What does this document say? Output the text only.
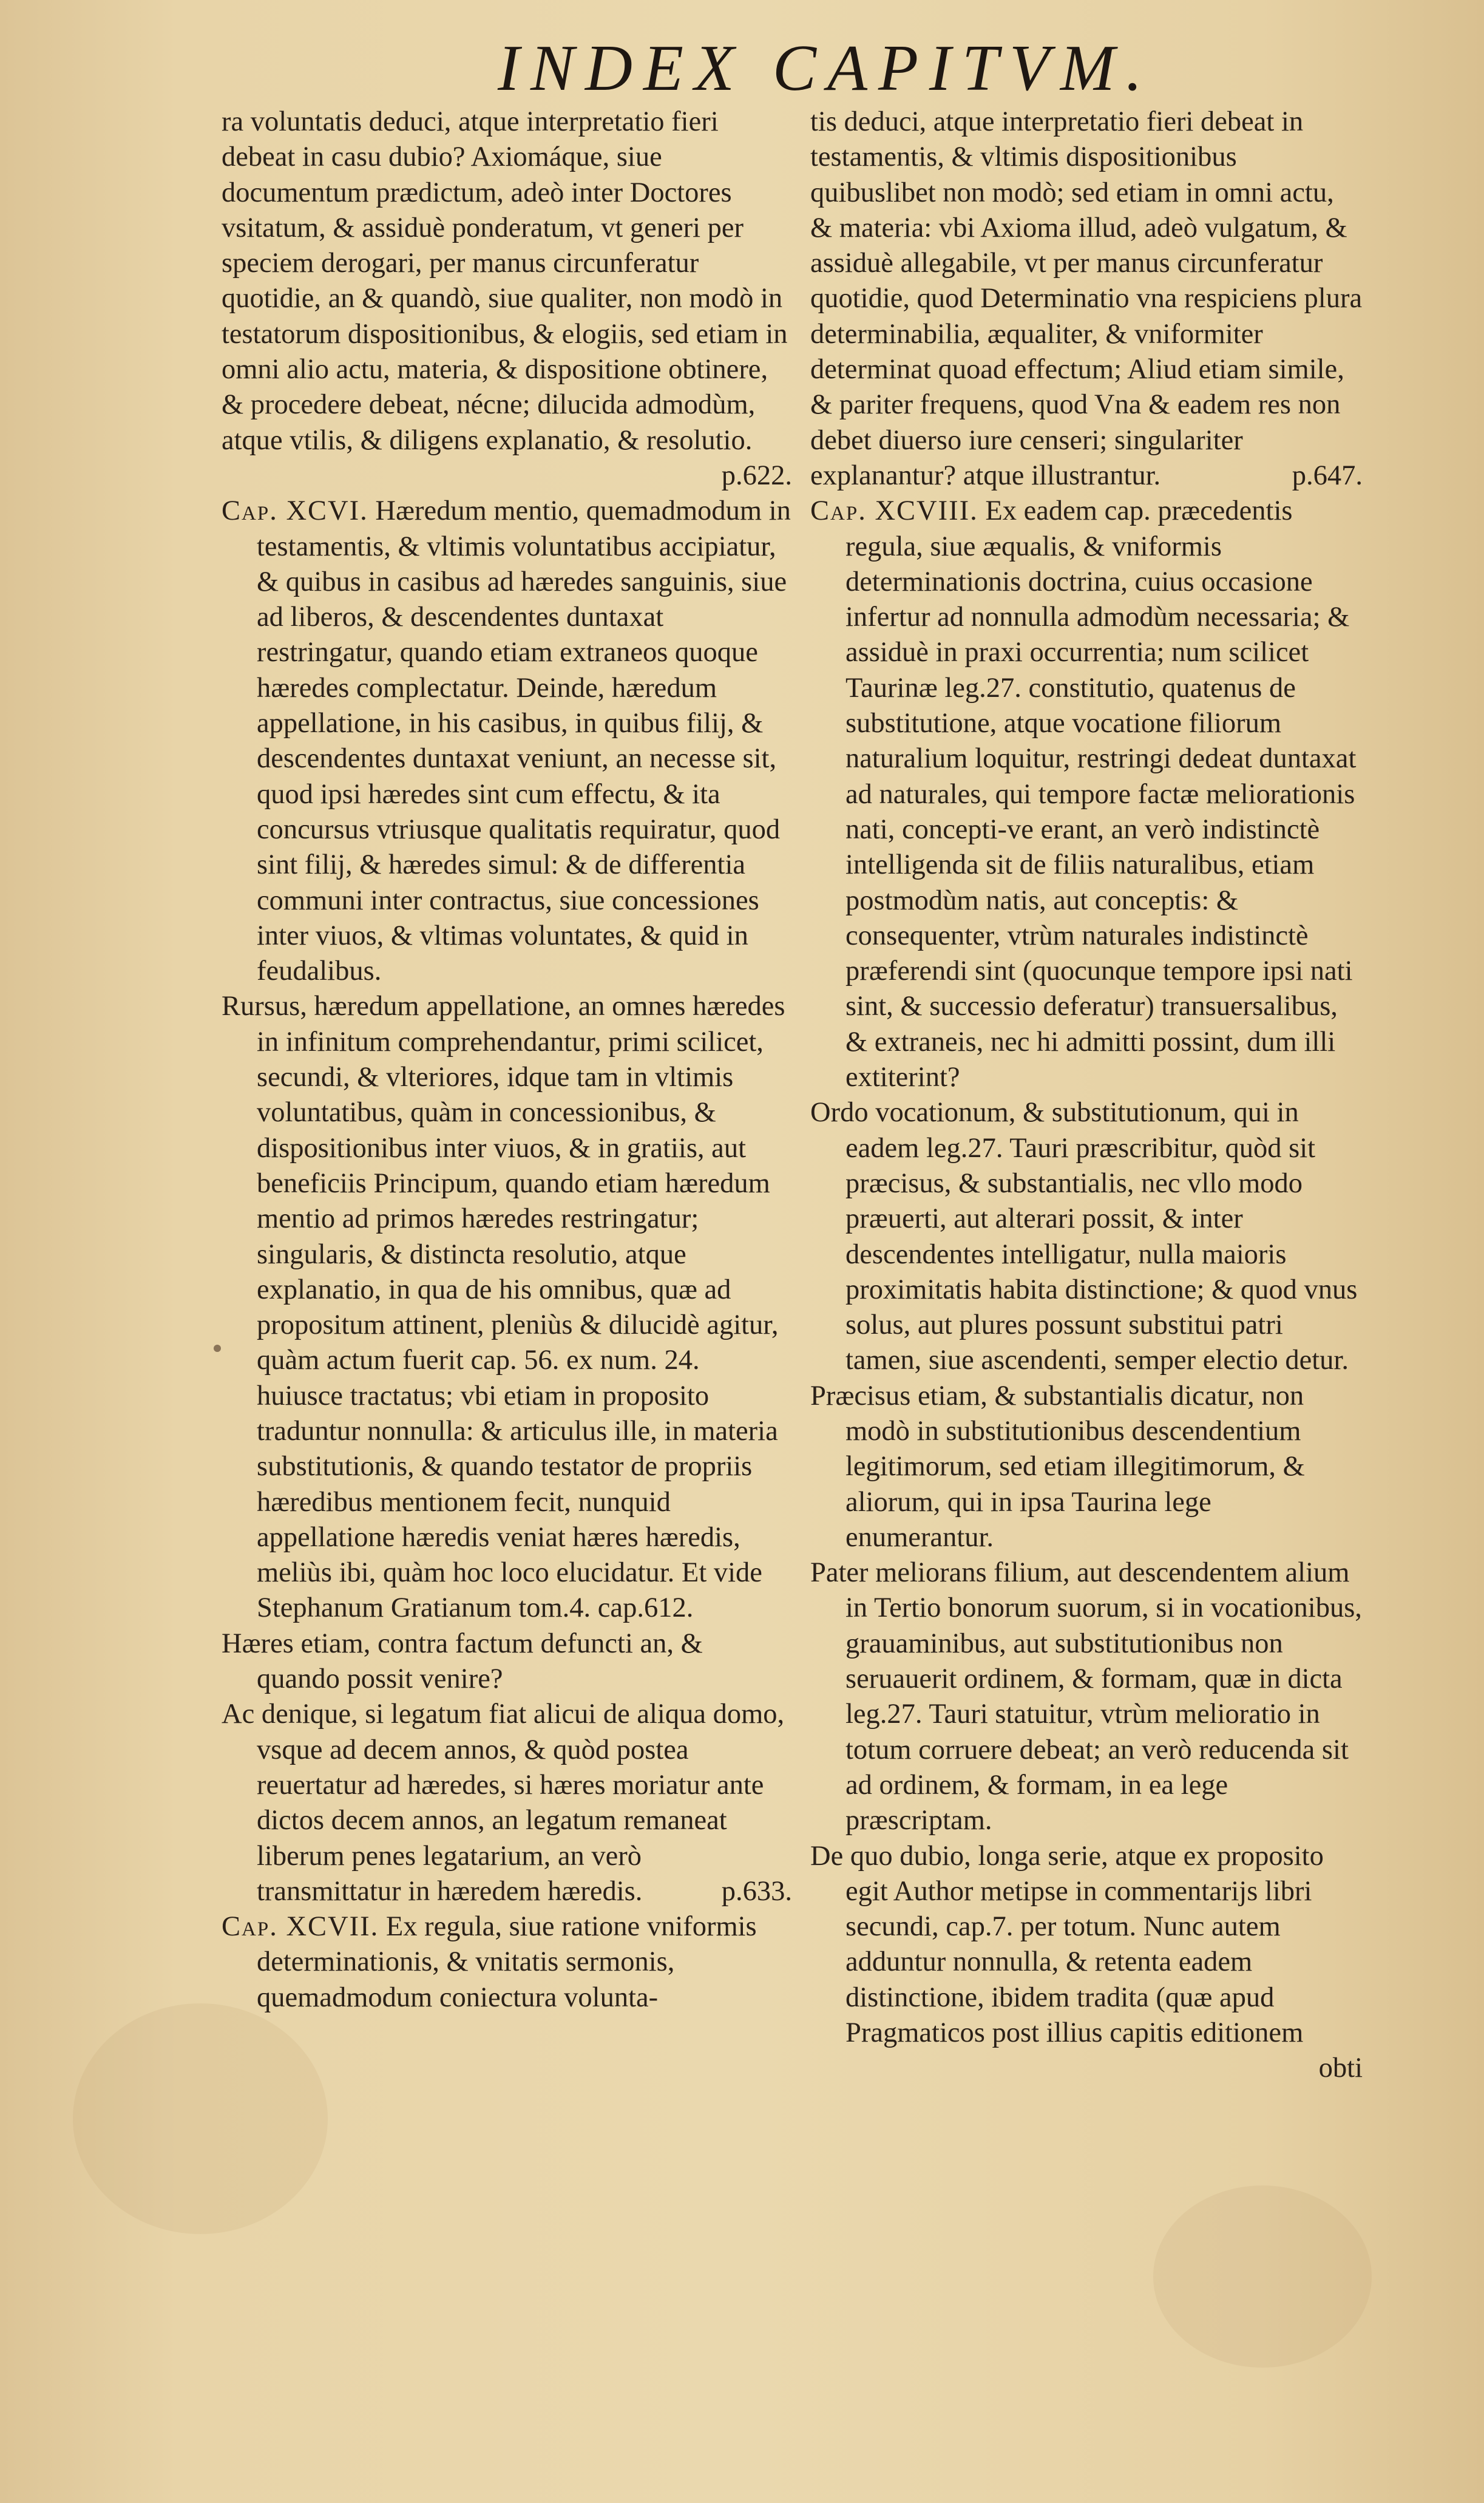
INDEX CAPITVM.

ra voluntatis deduci, atque interpretatio fieri debeat in casu dubio? Axiomáque, siue documentum prædictum, adeò inter Doctores vsitatum, & assiduè ponderatum, vt generi per speciem derogari, per manus circunferatur quotidie, an & quandò, siue qualiter, non modò in testatorum dispositionibus, & elogiis, sed etiam in omni alio actu, materia, & dispositione obtinere, & procedere debeat, nécne; dilucida admodùm, atque vtilis, & diligens explanatio, & resolutio.
p.622.

Cap. XCVI. Hæredum mentio, quemadmodum in testamentis, & vltimis voluntatibus accipiatur, & quibus in casibus ad hæredes sanguinis, siue ad liberos, & descendentes duntaxat restringatur, quando etiam extraneos quoque hæredes complectatur. Deinde, hæredum appellatione, in his casibus, in quibus filij, & descendentes duntaxat veniunt, an necesse sit, quod ipsi hæredes sint cum effectu, & ita concursus vtriusque qualitatis requiratur, quod sint filij, & hæredes simul: & de differentia communi inter contractus, siue concessiones inter viuos, & vltimas voluntates, & quid in feudalibus.

Rursus, hæredum appellatione, an omnes hæredes in infinitum comprehendantur, primi scilicet, secundi, & vlteriores, idque tam in vltimis voluntatibus, quàm in concessionibus, & dispositionibus inter viuos, & in gratiis, aut beneficiis Principum, quando etiam hæredum mentio ad primos hæredes restringatur; singularis, & distincta resolutio, atque explanatio, in qua de his omnibus, quæ ad propositum attinent, pleniùs & dilucidè agitur, quàm actum fuerit cap. 56. ex num. 24. huiusce tractatus; vbi etiam in proposito traduntur nonnulla: & articulus ille, in materia substitutionis, & quando testator de propriis hæredibus mentionem fecit, nunquid appellatione hæredis veniat hæres hæredis, meliùs ibi, quàm hoc loco elucidatur. Et vide Stephanum Gratianum tom.4. cap.612.

Hæres etiam, contra factum defuncti an, & quando possit venire?

Ac denique, si legatum fiat alicui de aliqua domo, vsque ad decem annos, & quòd postea reuertatur ad hæredes, si hæres moriatur ante dictos decem annos, an legatum remaneat liberum penes legatarium, an verò transmittatur in hæredem hæredis.	p.633.

Cap. XCVII. Ex regula, siue ratione vniformis determinationis, & vnitatis sermonis, quemadmodum coniectura volunta-

tis deduci, atque interpretatio fieri debeat in testamentis, & vltimis dispositionibus quibuslibet non modò; sed etiam in omni actu, & materia: vbi Axioma illud, adeò vulgatum, & assiduè allegabile, vt per manus circunferatur quotidie, quod Determinatio vna respiciens plura determinabilia, æqualiter, & vniformiter determinat quoad effectum; Aliud etiam simile, & pariter frequens, quod Vna & eadem res non debet diuerso iure censeri; singulariter explanantur? atque illustrantur.	p.647.

Cap. XCVIII. Ex eadem cap. præcedentis regula, siue æqualis, & vniformis determinationis doctrina, cuius occasione infertur ad nonnulla admodùm necessaria; & assiduè in praxi occurrentia; num scilicet Taurinæ leg.27. constitutio, quatenus de substitutione, atque vocatione filiorum naturalium loquitur, restringi dedeat duntaxat ad naturales, qui tempore factæ meliorationis nati, concepti-ve erant, an verò indistinctè intelligenda sit de filiis naturalibus, etiam postmodùm natis, aut conceptis: & consequenter, vtrùm naturales indistinctè præferendi sint (quocunque tempore ipsi nati sint, & successio deferatur) transuersalibus, & extraneis, nec hi admitti possint, dum illi extiterint?

Ordo vocationum, & substitutionum, qui in eadem leg.27. Tauri præscribitur, quòd sit præcisus, & substantialis, nec vllo modo præuerti, aut alterari possit, & inter descendentes intelligatur, nulla maioris proximitatis habita distinctione; & quod vnus solus, aut plures possunt substitui patri tamen, siue ascendenti, semper electio detur.

Præcisus etiam, & substantialis dicatur, non modò in substitutionibus descendentium legitimorum, sed etiam illegitimorum, & aliorum, qui in ipsa Taurina lege enumerantur.

Pater meliorans filium, aut descendentem alium in Tertio bonorum suorum, si in vocationibus, grauaminibus, aut substitutionibus non seruauerit ordinem, & formam, quæ in dicta leg.27. Tauri statuitur, vtrùm melioratio in totum corruere debeat; an verò reducenda sit ad ordinem, & formam, in ea lege præscriptam.

De quo dubio, longa serie, atque ex proposito egit Author metipse in commentarijs libri secundi, cap.7. per totum. Nunc autem adduntur nonnulla, & retenta eadem distinctione, ibidem tradita (quæ apud Pragmaticos post illius capitis editionem

obti
